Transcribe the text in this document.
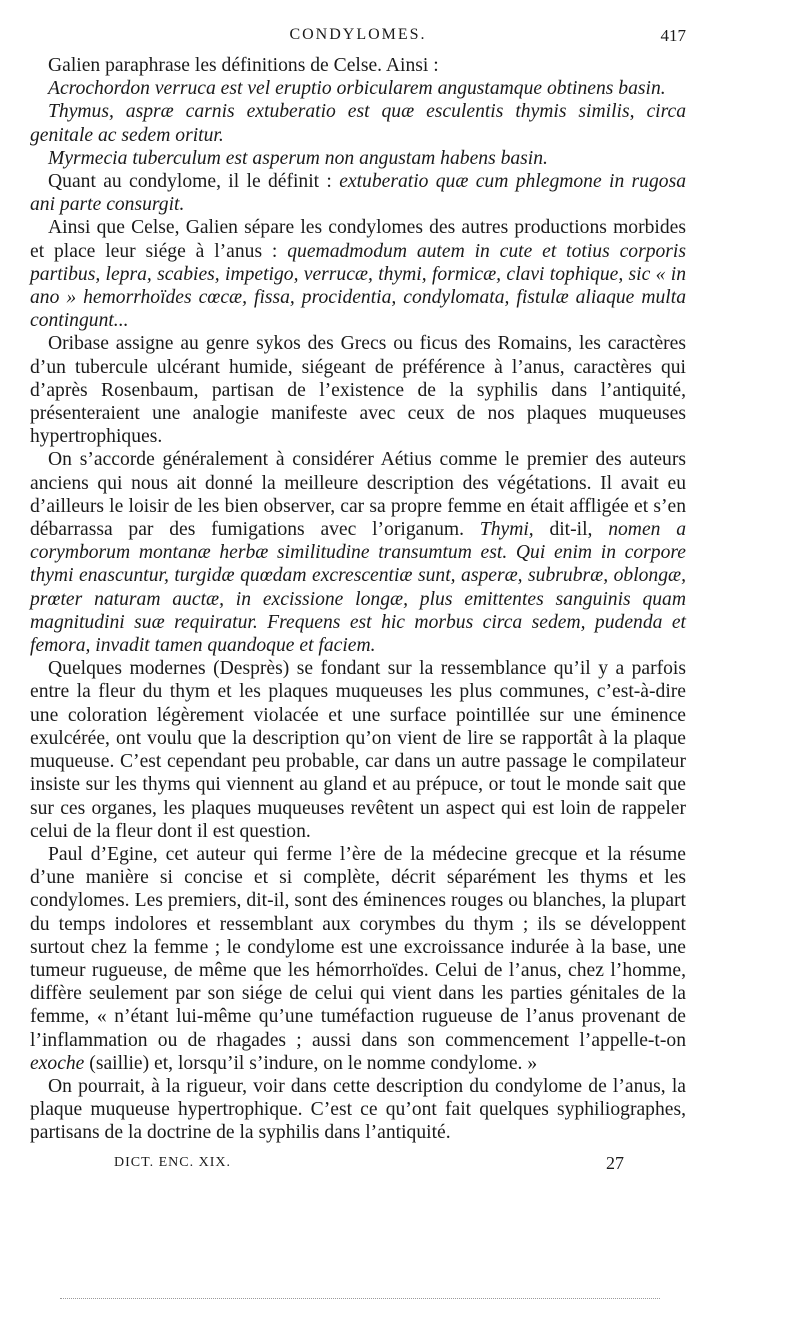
CONDYLOMES.	417

Galien paraphrase les définitions de Celse. Ainsi :

Acrochordon verruca est vel eruptio orbicularem angustamque obtinens basin.

Thymus, aspræ carnis extuberatio est quæ esculentis thymis similis, circa genitale ac sedem oritur.

Myrmecia tuberculum est asperum non angustam habens basin.

Quant au condylome, il le définit : extuberatio quæ cum phlegmone in rugosa ani parte consurgit.

Ainsi que Celse, Galien sépare les condylomes des autres productions morbides et place leur siége à l’anus : quemadmodum autem in cute et totius corporis partibus, lepra, scabies, impetigo, verrucæ, thymi, formicæ, clavi tophique, sic « in ano » hemorrhoïdes cœcæ, fissa, procidentia, condylomata, fistulæ aliaque multa contingunt...

Oribase assigne au genre sykos des Grecs ou ficus des Romains, les caractères d’un tubercule ulcérant humide, siégeant de préférence à l’anus, caractères qui d’après Rosenbaum, partisan de l’existence de la syphilis dans l’antiquité, présenteraient une analogie manifeste avec ceux de nos plaques muqueuses hypertrophiques.

On s’accorde généralement à considérer Aétius comme le premier des auteurs anciens qui nous ait donné la meilleure description des végétations. Il avait eu d’ailleurs le loisir de les bien observer, car sa propre femme en était affligée et s’en débarrassa par des fumigations avec l’origanum. Thymi, dit-il, nomen a corymborum montanæ herbæ similitudine transumtum est. Qui enim in corpore thymi enascuntur, turgidæ quœdam excrescentiæ sunt, asperæ, subrubræ, oblongæ, prœter naturam auctæ, in excissione longæ, plus emittentes sanguinis quam magnitudini suæ requiratur. Frequens est hic morbus circa sedem, pudenda et femora, invadit tamen quandoque et faciem.

Quelques modernes (Desprès) se fondant sur la ressemblance qu’il y a parfois entre la fleur du thym et les plaques muqueuses les plus communes, c’est-à-dire une coloration légèrement violacée et une surface pointillée sur une éminence exulcérée, ont voulu que la description qu’on vient de lire se rapportât à la plaque muqueuse. C’est cependant peu probable, car dans un autre passage le compilateur insiste sur les thyms qui viennent au gland et au prépuce, or tout le monde sait que sur ces organes, les plaques muqueuses revêtent un aspect qui est loin de rappeler celui de la fleur dont il est question.

Paul d’Egine, cet auteur qui ferme l’ère de la médecine grecque et la résume d’une manière si concise et si complète, décrit séparément les thyms et les condylomes. Les premiers, dit-il, sont des éminences rouges ou blanches, la plupart du temps indolores et ressemblant aux corymbes du thym ; ils se développent surtout chez la femme ; le condylome est une excroissance indurée à la base, une tumeur rugueuse, de même que les hémorrhoïdes. Celui de l’anus, chez l’homme, diffère seulement par son siége de celui qui vient dans les parties génitales de la femme, « n’étant lui-même qu’une tuméfaction rugueuse de l’anus provenant de l’inflammation ou de rhagades ; aussi dans son commencement l’appelle-t-on exoche (saillie) et, lorsqu’il s’indure, on le nomme condylome. »

On pourrait, à la rigueur, voir dans cette description du condylome de l’anus, la plaque muqueuse hypertrophique. C’est ce qu’ont fait quelques syphiliographes, partisans de la doctrine de la syphilis dans l’antiquité.

DICT. ENC. XIX.	27
